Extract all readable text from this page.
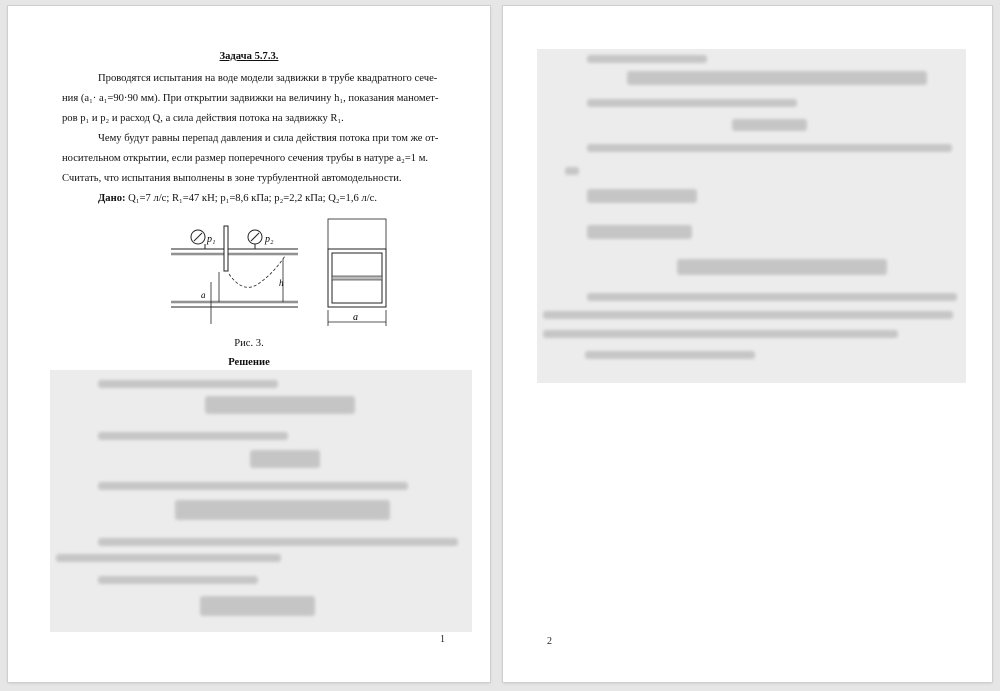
Задача 5.7.3.
Проводятся испытания на воде модели задвижки в трубе квадратного сече-
ния (a₁· a₁=90·90 мм). При открытии задвижки на величину h₁, показания маномет-
ров p₁ и p₂ и расход Q, а сила действия потока на задвижку R₁.
Чему будут равны перепад давления и сила действия потока при том же от-
носительном открытии, если размер поперечного сечения трубы в натуре a₂=1 м.
Считать, что испытания выполнены в зоне турбулентной автомодельности.
Дано: Q₁=7 л/с; R₁=47 кН; p₁=8,6 кПа; p₂=2,2 кПа; Q₂=1,6 л/с.
p₁	p₂
h
a
a
Рис. 3.
Решение
1	2
